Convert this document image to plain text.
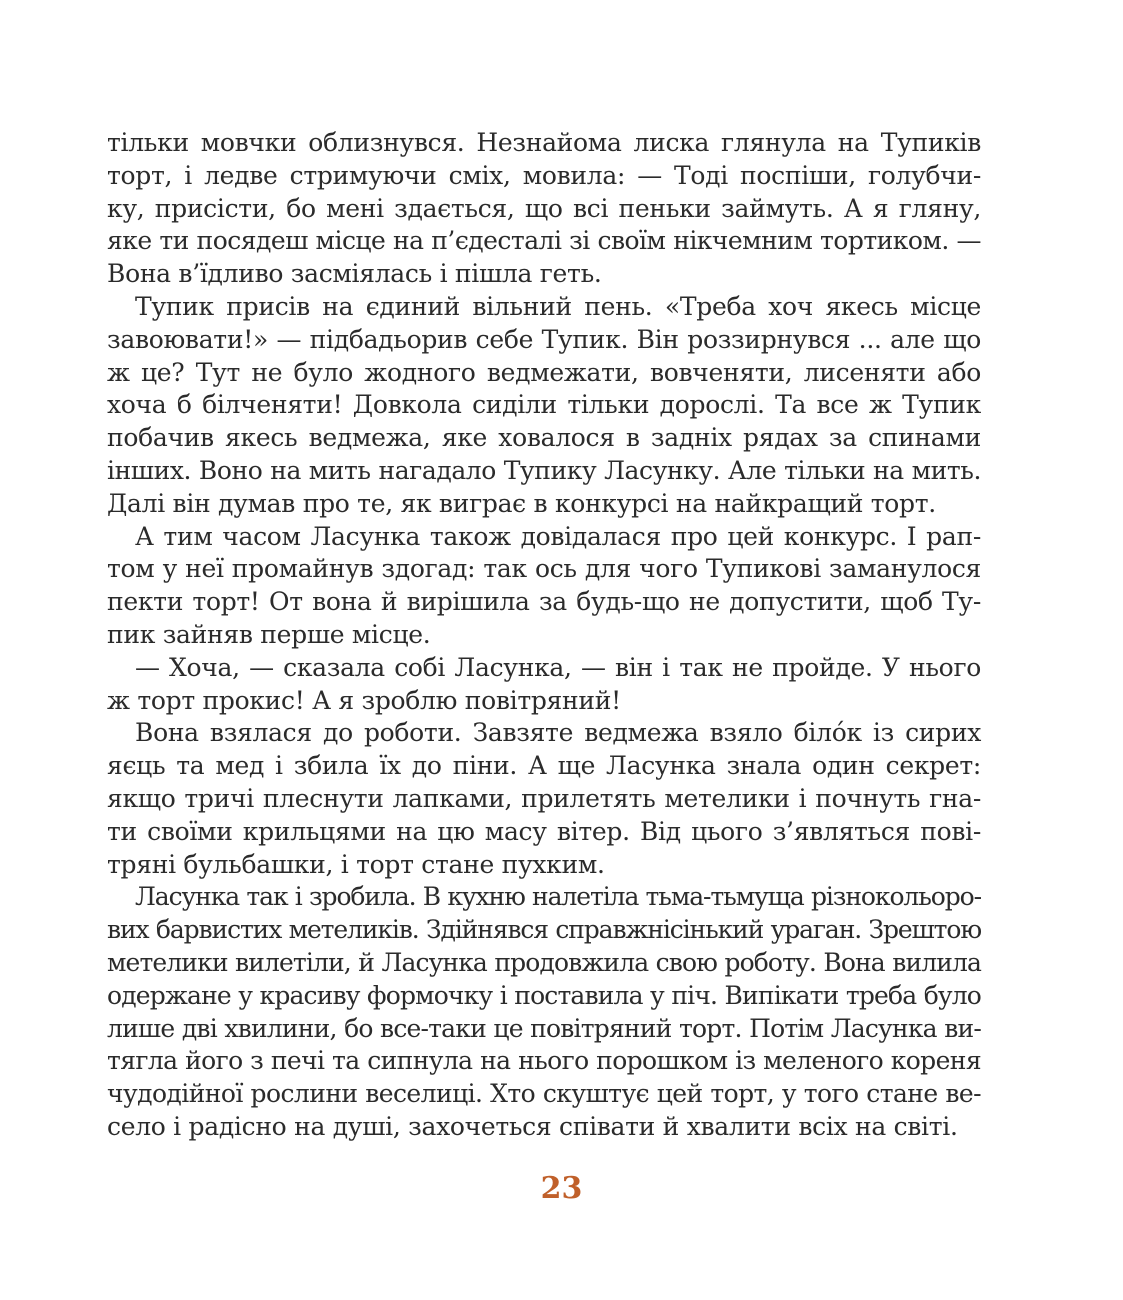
тільки мовчки облизнувся. Незнайома лиска глянула на Тупиків
торт, і ледве стримуючи сміх, мовила: — Тоді поспіши, голубчи-
ку, присісти, бо мені здається, що всі пеньки займуть. А я гляну,
яке ти посядеш місце на п’єдесталі зі своїм нікчемним тортиком. —
Вона в’їдливо засміялась і пішла геть.
Тупик присів на єдиний вільний пень. «Треба хоч якесь місце
завоювати!» — підбадьорив себе Тупик. Він роззирнувся ... але що
ж це? Тут не було жодного ведмежати, вовченяти, лисеняти або
хоча б білченяти! Довкола сиділи тільки дорослі. Та все ж Тупик
побачив якесь ведмежа, яке ховалося в задніх рядах за спинами
інших. Воно на мить нагадало Тупику Ласунку. Але тільки на мить.
Далі він думав про те, як виграє в конкурсі на найкращий торт.
А тим часом Ласунка також довідалася про цей конкурс. І рап-
том у неї промайнув здогад: так ось для чого Тупикові заманулося
пекти торт! От вона й вирішила за будь-що не допустити, щоб Ту-
пик зайняв перше місце.
— Хоча, — сказала собі Ласунка, — він і так не пройде. У нього
ж торт прокис! А я зроблю повітряний!
Вона взялася до роботи. Завзяте ведмежа взяло біло́к із сирих
яєць та мед і збила їх до піни. А ще Ласунка знала один секрет:
якщо тричі плеснути лапками, прилетять метелики і почнуть гна-
ти своїми крильцями на цю масу вітер. Від цього з’являться пові-
тряні бульбашки, і торт стане пухким.
Ласунка так і зробила. В кухню налетіла тьма-тьмуща різнокольоро-
вих барвистих метеликів. Здійнявся справжнісінький ураган. Зрештою
метелики вилетіли, й Ласунка продовжила свою роботу. Вона вилила
одержане у красиву формочку і поставила у піч. Випікати треба було
лише дві хвилини, бо все-таки це повітряний торт. Потім Ласунка ви-
тягла його з печі та сипнула на нього порошком із меленого кореня
чудодійної рослини веселиці. Хто скуштує цей торт, у того стане ве-
село і радісно на душі, захочеться співати й хвалити всіх на світі.
23
